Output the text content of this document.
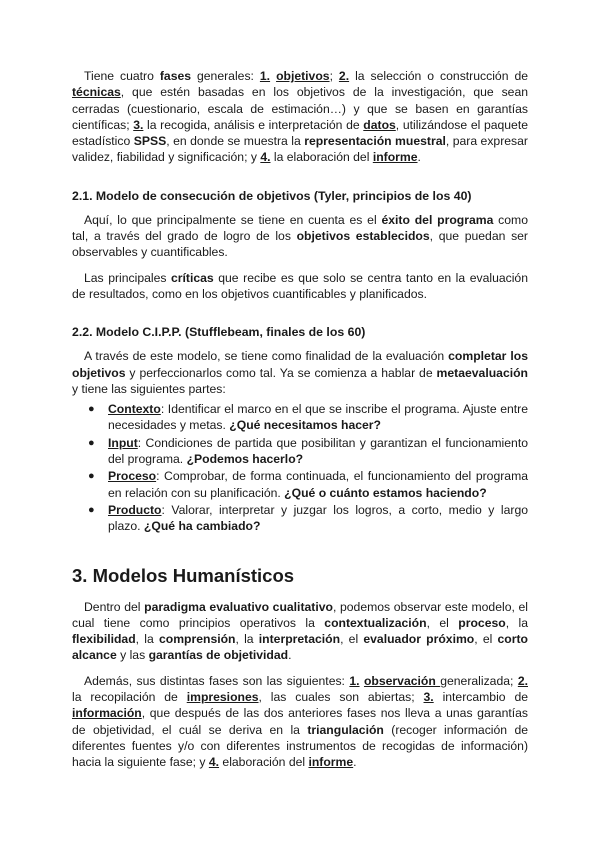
Tiene cuatro fases generales: 1. objetivos; 2. la selección o construcción de técnicas, que estén basadas en los objetivos de la investigación, que sean cerradas (cuestionario, escala de estimación…) y que se basen en garantías científicas; 3. la recogida, análisis e interpretación de datos, utilizándose el paquete estadístico SPSS, en donde se muestra la representación muestral, para expresar validez, fiabilidad y significación; y 4. la elaboración del informe.

2.1. Modelo de consecución de objetivos (Tyler, principios de los 40)

Aquí, lo que principalmente se tiene en cuenta es el éxito del programa como tal, a través del grado de logro de los objetivos establecidos, que puedan ser observables y cuantificables.

Las principales críticas que recibe es que solo se centra tanto en la evaluación de resultados, como en los objetivos cuantificables y planificados.

2.2. Modelo C.I.P.P. (Stufflebeam, finales de los 60)

A través de este modelo, se tiene como finalidad de la evaluación completar los objetivos y perfeccionarlos como tal. Ya se comienza a hablar de metaevaluación y tiene las siguientes partes:

● Contexto: Identificar el marco en el que se inscribe el programa. Ajuste entre necesidades y metas. ¿Qué necesitamos hacer?
● Input: Condiciones de partida que posibilitan y garantizan el funcionamiento del programa. ¿Podemos hacerlo?
● Proceso: Comprobar, de forma continuada, el funcionamiento del programa en relación con su planificación. ¿Qué o cuánto estamos haciendo?
● Producto: Valorar, interpretar y juzgar los logros, a corto, medio y largo plazo. ¿Qué ha cambiado?
3. Modelos Humanísticos

Dentro del paradigma evaluativo cualitativo, podemos observar este modelo, el cual tiene como principios operativos la contextualización, el proceso, la flexibilidad, la comprensión, la interpretación, el evaluador próximo, el corto alcance y las garantías de objetividad.

Además, sus distintas fases son las siguientes: 1. observación generalizada; 2. la recopilación de impresiones, las cuales son abiertas; 3. intercambio de información, que después de las dos anteriores fases nos lleva a unas garantías de objetividad, el cuál se deriva en la triangulación (recoger información de diferentes fuentes y/o con diferentes instrumentos de recogidas de información) hacia la siguiente fase; y 4. elaboración del informe.
